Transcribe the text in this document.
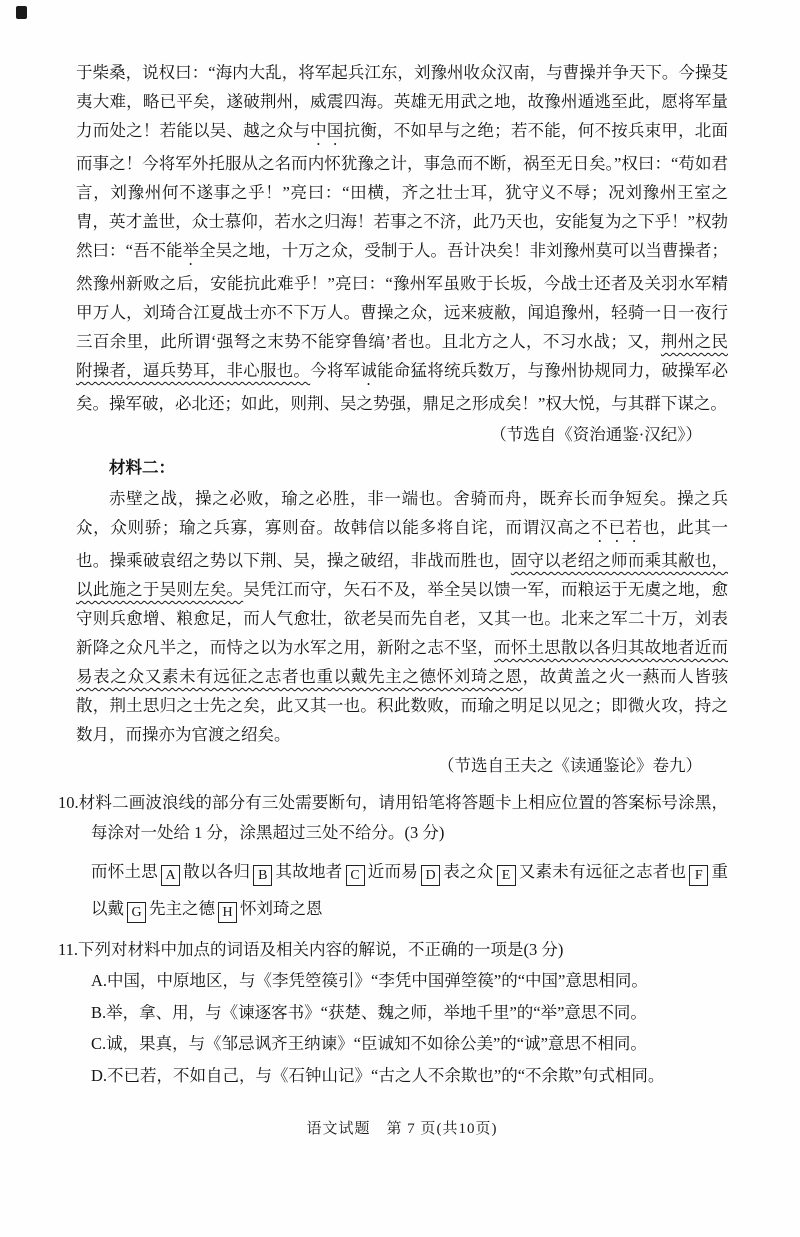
于柴桑，说权曰：“海内大乱，将军起兵江东，刘豫州收众汉南，与曹操并争天下。今操芟夷大难，略已平矣，遂破荆州，威震四海。英雄无用武之地，故豫州遁逃至此，愿将军量力而处之！若能以吴、越之众与中国抗衡，不如早与之绝；若不能，何不按兵束甲，北面而事之！今将军外托服从之名而内怀犹豫之计，事急而不断，祸至无日矣。”权曰：“苟如君言，刘豫州何不遂事之乎！”亮曰：“田横，齐之壮士耳，犹守义不辱；况刘豫州王室之胄，英才盖世，众士慕仰，若水之归海！若事之不济，此乃天也，安能复为之下乎！”权勃然曰：“吾不能举全吴之地，十万之众，受制于人。吾计决矣！非刘豫州莫可以当曹操者；然豫州新败之后，安能抗此难乎！”亮曰：“豫州军虽败于长坂，今战士还者及关羽水军精甲万人，刘琦合江夏战士亦不下万人。曹操之众，远来疲敝，闻追豫州，轻骑一日一夜行三百余里，此所谓‘强弩之末势不能穿鲁缟’者也。且北方之人，不习水战；又，荆州之民附操者，逼兵势耳，非心服也。今将军诚能命猛将统兵数万，与豫州协规同力，破操军必矣。操军破，必北还；如此，则荆、吴之势强，鼎足之形成矣！”权大悦，与其群下谋之。

（节选自《资治通鉴·汉纪》）

材料二：

赤壁之战，操之必败，瑜之必胜，非一端也。舍骑而舟，既弃长而争短矣。操之兵众，众则骄；瑜之兵寡，寡则奋。故韩信以能多将自诧，而谓汉高之不已若也，此其一也。操乘破袁绍之势以下荆、吴，操之破绍，非战而胜也，固守以老绍之师而乘其敝也，以此施之于吴则左矣。吴凭江而守，矢石不及，举全吴以馈一军，而粮运于无虞之地，愈守则兵愈增、粮愈足，而人气愈壮，欲老吴而先自老，又其一也。北来之军二十万，刘表新降之众凡半之，而恃之以为水军之用，新附之志不坚，而怀土思散以各归其故地者近而易表之众又素未有远征之志者也重以戴先主之德怀刘琦之恩，故黄盖之火一爇而人皆骇散，荆土思归之士先之矣，此又其一也。积此数败，而瑜之明足以见之；即微火攻，持之数月，而操亦为官渡之绍矣。

（节选自王夫之《读通鉴论》卷九）

10.材料二画波浪线的部分有三处需要断句，请用铅笔将答题卡上相应位置的答案标号涂黑，每涂对一处给 1 分，涂黑超过三处不给分。(3 分)

而怀土思 A 散以各归 B 其故地者 C 近而易 D 表之众 E 又素未有远征之志者也 F 重以戴 G 先主之德 H 怀刘琦之恩

11.下列对材料中加点的词语及相关内容的解说，不正确的一项是(3 分)

A.中国，中原地区，与《李凭箜篌引》“李凭中国弹箜篌”的“中国”意思相同。

B.举，拿、用，与《谏逐客书》“获楚、魏之师，举地千里”的“举”意思不同。

C.诚，果真，与《邹忌讽齐王纳谏》“臣诚知不如徐公美”的“诚”意思不相同。

D.不已若，不如自己，与《石钟山记》“古之人不余欺也”的“不余欺”句式相同。

语文试题　第 7 页(共10页)
